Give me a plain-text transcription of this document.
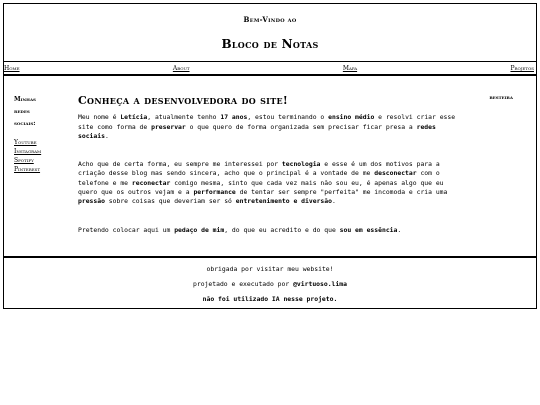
Bem-Vindo ao
Bloco de Notas
Home	About	Mapa	Projetos
Minhas
redes
sociais:
Youtube
Instagram
Spotify
Pinterest
besteira
Conheça a desenvolvedora do site!

Meu nome é Letícia, atualmente tenho 17 anos, estou terminando o ensino médio e resolvi criar esse site como forma de preservar o que quero de forma organizada sem precisar ficar presa a redes sociais.

Acho que de certa forma, eu sempre me interessei por tecnologia e esse é um dos motivos para a criação desse blog mas sendo sincera, acho que o principal é a vontade de me desconectar com o telefone e me reconectar comigo mesma, sinto que cada vez mais não sou eu, é apenas algo que eu quero que os outros vejam e a performance de tentar ser sempre "perfeita" me incomoda e cria uma pressão sobre coisas que deveriam ser só entretenimento e diversão.

Pretendo colocar aqui um pedaço de mim, do que eu acredito e do que sou em essência.

obrigada por visitar meu website!
projetado e executado por @virtuoso.lima
não foi utilizado IA nesse projeto.
